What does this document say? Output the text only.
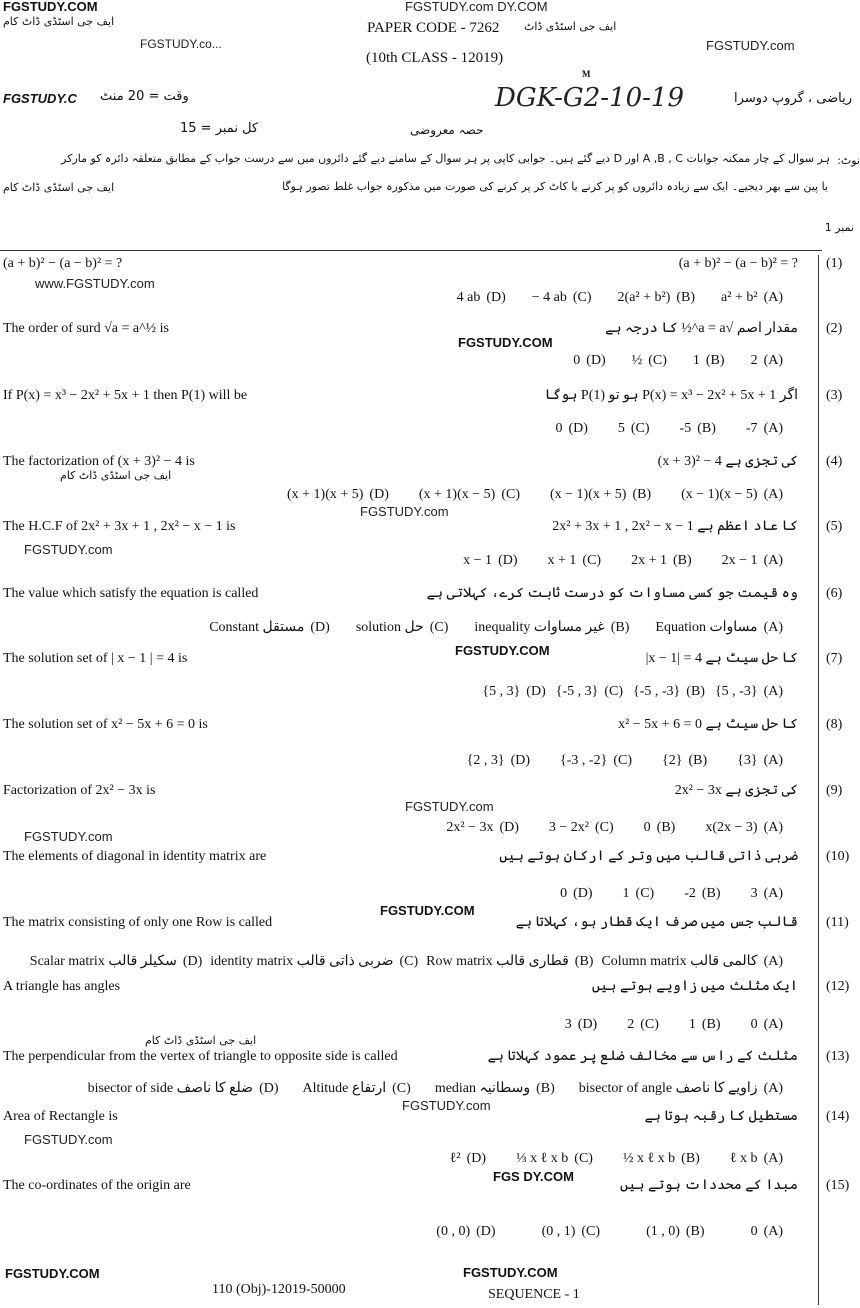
FGSTUDY.COM	FGSTUDY.com DY.COM
ایف جی اسٹڈی ڈاٹ کام
FGSTUDY.co...
PAPER CODE - 7262 ایف جی اسٹڈی ڈاٹ
FGSTUDY.com
(10th CLASS - 12019)
FGSTUDY.C وقت = 20 منٹ	DGK-G2-10-19
M
ریاضی ، گروپ دوسرا
کل نمبر = 15	حصہ معروضی
نوٹ:
ہر سوال کے چار ممکنہ جوابات A ,B , C اور D دیے گئے ہیں۔ جوابی کاپی پر ہر سوال کے سامنے دیے گئے دائروں میں سے درست جواب کے مطابق متعلقہ دائرہ کو مارکر
یا پین سے بھر دیجیے۔ ایک سے زیادہ دائروں کو پر کرنے یا کاٹ کر پر کرنے کی صورت میں مذکورہ جواب غلط تصور ہوگا
ایف جی اسٹڈی ڈاٹ کام
نمبر 1
(a + b)² − (a − b)² = ?	(a + b)² − (a − b)² = ? (1)
a² + b² (A)
2(a² + b²) (B)
− 4 ab (C)
4 ab (D)
The order of surd √a = a^½ is	مقدار اصم √a = a^½ کا درجہ ہے (2)
2 (A)
1 (B)
½ (C)
0 (D)
If P(x) = x³ − 2x² + 5x + 1 then P(1) will be	اگر P(x) = x³ − 2x² + 5x + 1 ہو تو P(1) ہوگا (3)
-7 (A)
-5 (B)
5 (C)
0 (D)
The factorization of (x + 3)² − 4 is	(x + 3)² − 4 کی تجزی ہے (4)
(x − 1)(x − 5) (A)
(x − 1)(x + 5) (B)
(x + 1)(x − 5) (C)
(x + 1)(x + 5) (D)
The H.C.F of 2x² + 3x + 1 , 2x² − x − 1 is	2x² + 3x + 1 , 2x² − x − 1 کا عاد اعظم ہے (5)
2x − 1 (A)
2x + 1 (B)
x + 1 (C)
x − 1 (D)
The value which satisfy the equation is called	وہ قیمت جو کسی مساوات کو درست ثابت کرے، کہلاتی ہے (6)
Equation مساوات (A)
inequality غیر مساوات (B)
solution حل (C)
Constant مستقل (D)
The solution set of | x − 1 | = 4 is	|x − 1| = 4 کا حل سیٹ ہے (7)
{5 , -3} (A)
{-5 , -3} (B)
{-5 , 3} (C)
{5 , 3} (D)
The solution set of x² − 5x + 6 = 0 is	x² − 5x + 6 = 0 کا حل سیٹ ہے (8)
{3} (A)
{2} (B)
{-3 , -2} (C)
{2 , 3} (D)
Factorization of 2x² − 3x is	2x² − 3x کی تجزی ہے (9)
x(2x − 3) (A)
0 (B)
3 − 2x² (C)
2x² − 3x (D)
The elements of diagonal in identity matrix are	ضربی ذاتی قالب میں وتر کے ارکان ہوتے ہیں (10)
3 (A)
-2 (B)
1 (C)
0 (D)
The matrix consisting of only one Row is called	قالب جس میں صرف ایک قطار ہو، کہلاتا ہے (11)
Column matrix کالمی قالب (A)
Row matrix قطاری قالب (B)
identity matrix ضربی ذاتی قالب (C)
Scalar matrix سکیلر قالب (D)
A triangle has angles	ایک مثلث میں زاویے ہوتے ہیں (12)
0 (A)
1 (B)
2 (C)
3 (D)
The perpendicular from the vertex of triangle to opposite side is called	مثلث کے راس سے مخالف ضلع پر عمود کہلاتا ہے (13)
bisector of angle زاویے کا ناصف (A)
median وسطانیہ (B)
Altitude ارتفاع (C)
bisector of side ضلع کا ناصف (D)
Area of Rectangle is	مستطیل کا رقبہ ہوتا ہے (14)
ℓ x b (A)
½ x ℓ x b (B)
⅓ x ℓ x b (C)
ℓ² (D)
The co-ordinates of the origin are	مبدا کے محددات ہوتے ہیں (15)
0 (A)
(1 , 0) (B)
(0 , 1) (C)
(0 , 0) (D)
www.FGSTUDY.com
FGSTUDY.COM
ایف جی اسٹڈی ڈاٹ کام
FGSTUDY.com
FGSTUDY.com
FGSTUDY.COM
FGSTUDY.com
FGSTUDY.com
FGSTUDY.COM
ایف جی اسٹڈی ڈاٹ کام
FGSTUDY.com
FGSTUDY.com
FGS DY.COM
FGSTUDY.COM
110 (Obj)-12019-50000
FGSTUDY.COM
SEQUENCE - 1
